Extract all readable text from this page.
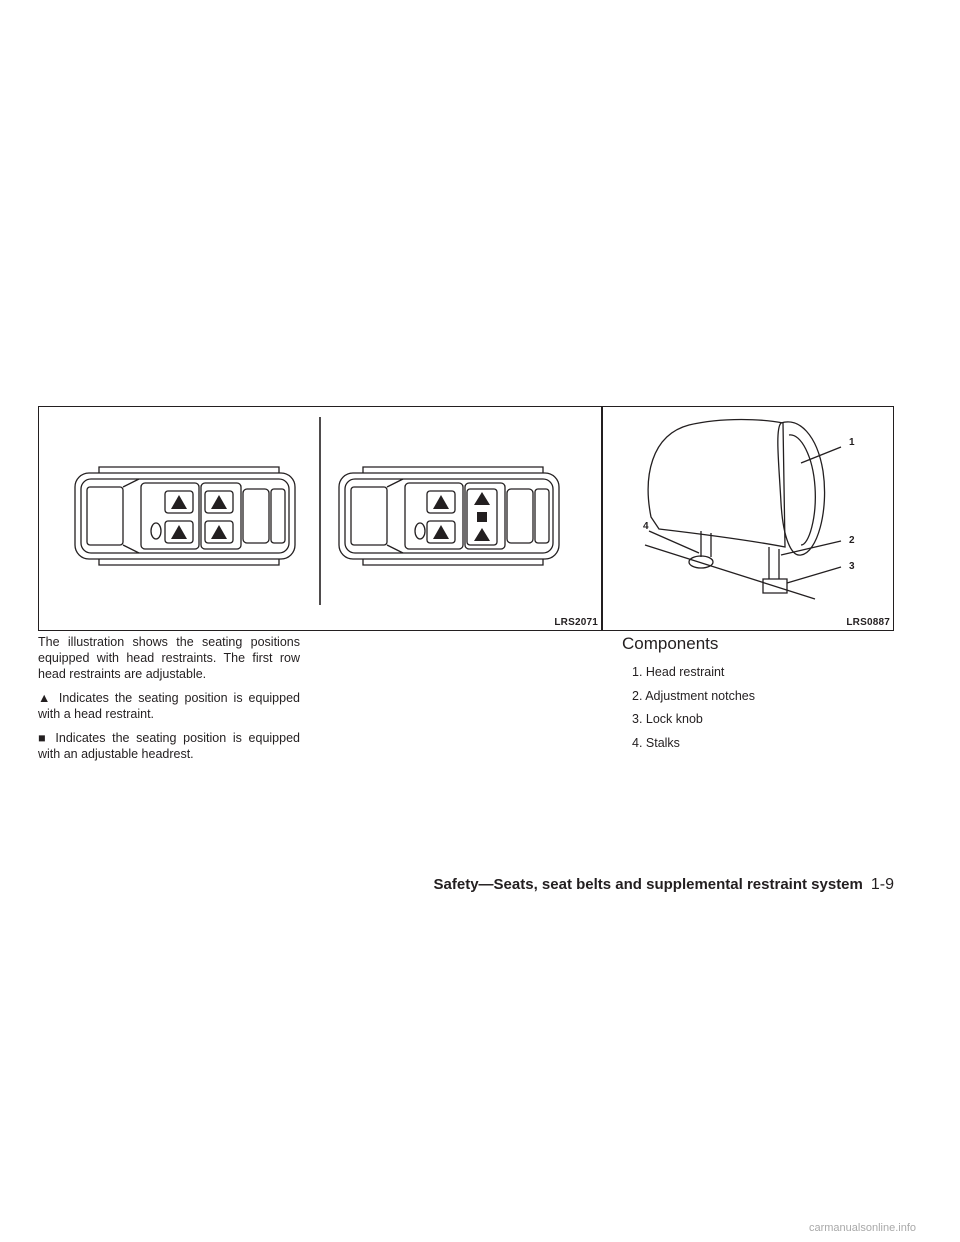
LRS2071
1
2
3
4
LRS0887

The illustration shows the seating positions equipped with head restraints. The first row head restraints are adjustable.

▲ Indicates the seating position is equipped with a head restraint.

■ Indicates the seating position is equipped with an adjustable headrest.

Components
1. Head restraint
2. Adjustment notches
3. Lock knob
4. Stalks
Safety—Seats, seat belts and supplemental restraint system 1-9
carmanualsonline.info
